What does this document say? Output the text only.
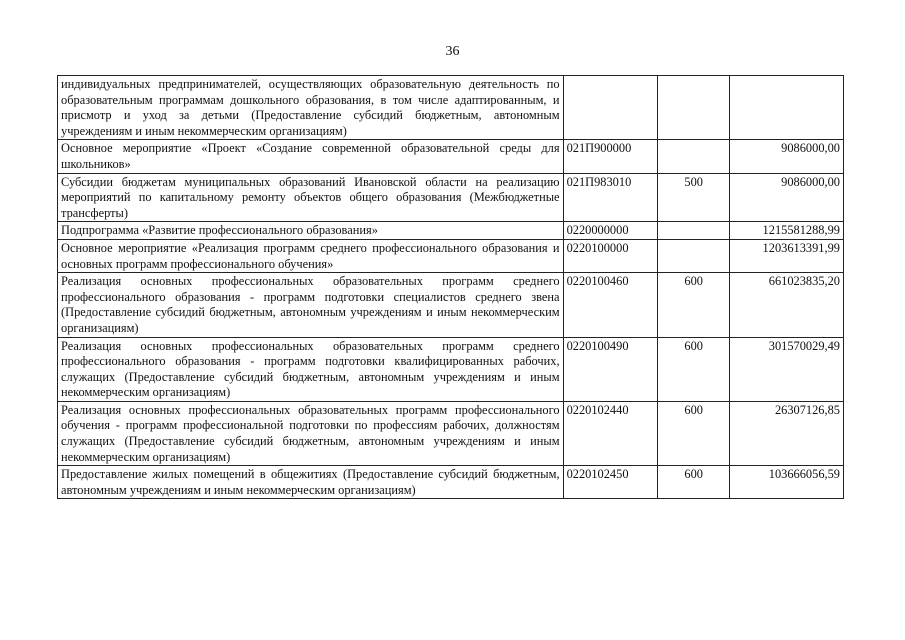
36
индивидуальных предпринимателей, осуществляющих образовательную деятельность по образовательным программам дошкольного образования, в том числе адаптированным, и присмотр и уход за детьми (Предоставление субсидий бюджетным, автономным учреждениям и иным некоммерческим организациям)			
Основное мероприятие «Проект «Создание современной образовательной среды для школьников»	021П900000		9086000,00
Субсидии бюджетам муниципальных образований Ивановской области на реализацию мероприятий по капитальному ремонту объектов общего образования (Межбюджетные трансферты)	021П983010	500	9086000,00
Подпрограмма «Развитие профессионального образования»	0220000000		1215581288,99
Основное мероприятие «Реализация программ среднего профессионального образования и основных программ профессионального обучения»	0220100000		1203613391,99
Реализация основных профессиональных образовательных программ среднего профессионального образования - программ подготовки специалистов среднего звена (Предоставление субсидий бюджетным, автономным учреждениям и иным некоммерческим организациям)	0220100460	600	661023835,20
Реализация основных профессиональных образовательных программ среднего профессионального образования - программ подготовки квалифицированных рабочих, служащих (Предоставление субсидий бюджетным, автономным учреждениям и иным некоммерческим организациям)	0220100490	600	301570029,49
Реализация основных профессиональных образовательных программ профессионального обучения - программ профессиональной подготовки по профессиям рабочих, должностям служащих (Предоставление субсидий бюджетным, автономным учреждениям и иным некоммерческим организациям)	0220102440	600	26307126,85
Предоставление жилых помещений в общежитиях (Предоставление субсидий бюджетным, автономным учреждениям и иным некоммерческим организациям)	0220102450	600	103666056,59
